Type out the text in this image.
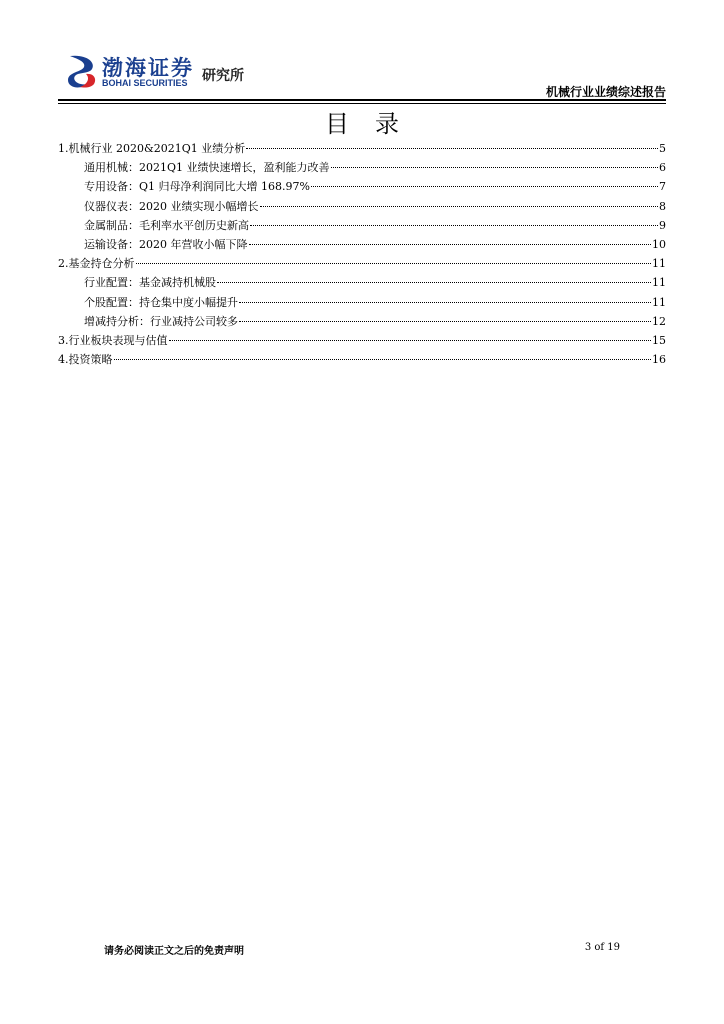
渤海证券
BOHAI SECURITIES 研究所
机械行业业绩综述报告
目录
1.机械行业 2020&2021Q1 业绩分析	5
通用机械：2021Q1 业绩快速增长，盈利能力改善	6
专用设备：Q1 归母净利润同比大增 168.97%	7
仪器仪表：2020 业绩实现小幅增长	8
金属制品：毛利率水平创历史新高	9
运输设备：2020 年营收小幅下降	10
2.基金持仓分析	11
行业配置：基金减持机械股	11
个股配置：持仓集中度小幅提升	11
增减持分析：行业减持公司较多	12
3.行业板块表现与估值	15
4.投资策略	16
请务必阅读正文之后的免责声明	3 of 19
